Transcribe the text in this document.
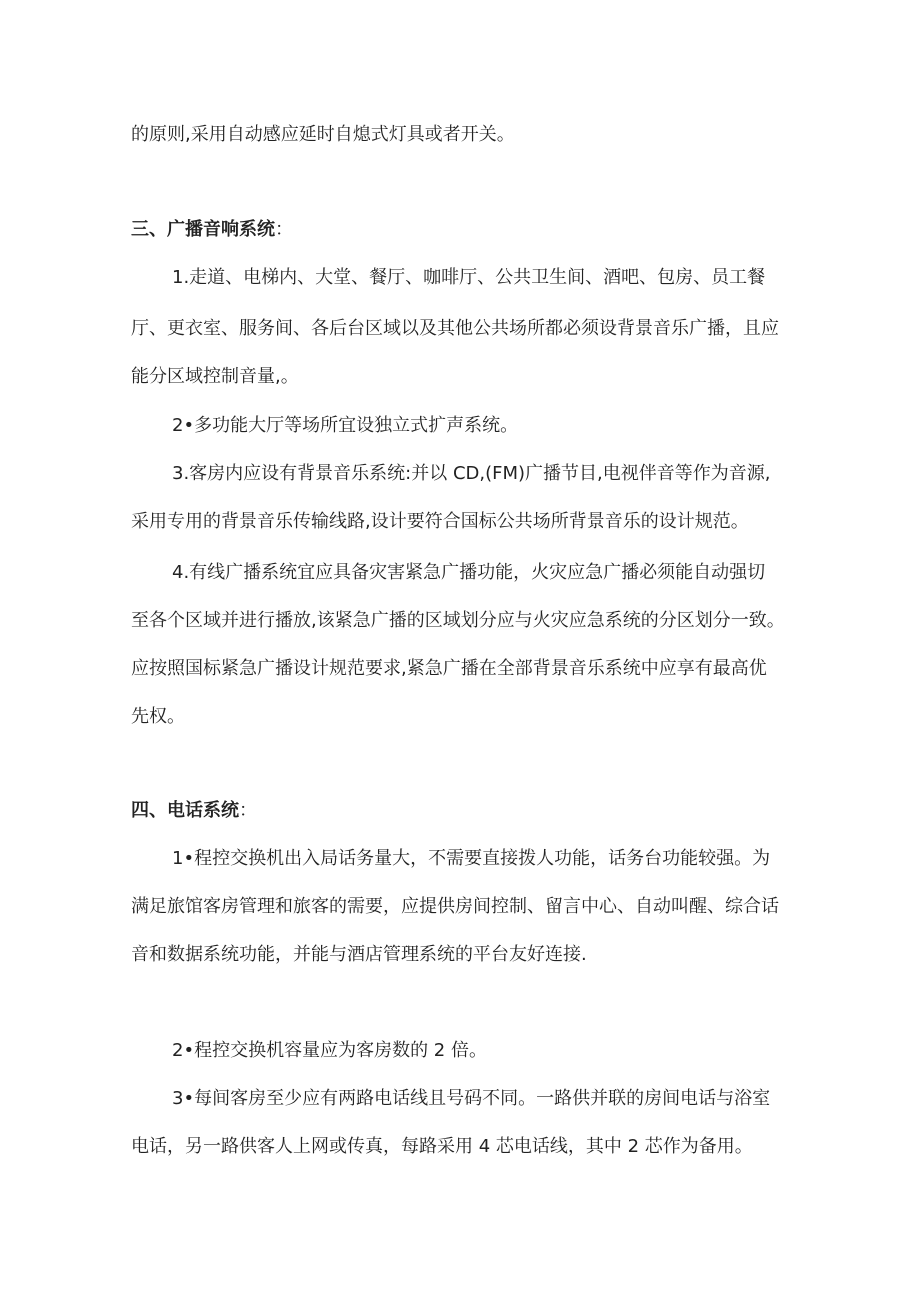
的原则,采用自动感应延时自熄式灯具或者开关。
三、广播音响系统：
1.走道、电梯内、大堂、餐厅、咖啡厅、公共卫生间、酒吧、包房、员工餐
厅、更衣室、服务间、各后台区域以及其他公共场所都必须设背景音乐广播，且应
能分区域控制音量,。
2•多功能大厅等场所宜设独立式扩声系统。
3.客房内应设有背景音乐系统:并以 CD,(FM)广播节目,电视伴音等作为音源,
采用专用的背景音乐传输线路,设计要符合国标公共场所背景音乐的设计规范。
4.有线广播系统宜应具备灾害紧急广播功能，火灾应急广播必须能自动强切
至各个区域并进行播放,该紧急广播的区域划分应与火灾应急系统的分区划分一致。
应按照国标紧急广播设计规范要求,紧急广播在全部背景音乐系统中应享有最高优
先权。
四、电话系统：
1•程控交换机出入局话务量大，不需要直接拨人功能，话务台功能较强。为
满足旅馆客房管理和旅客的需要，应提供房间控制、留言中心、自动叫醒、综合话
音和数据系统功能，并能与酒店管理系统的平台友好连接.
2•程控交换机容量应为客房数的 2 倍。
3•每间客房至少应有两路电话线且号码不同。一路供并联的房间电话与浴室
电话，另一路供客人上网或传真，每路采用 4 芯电话线，其中 2 芯作为备用。
